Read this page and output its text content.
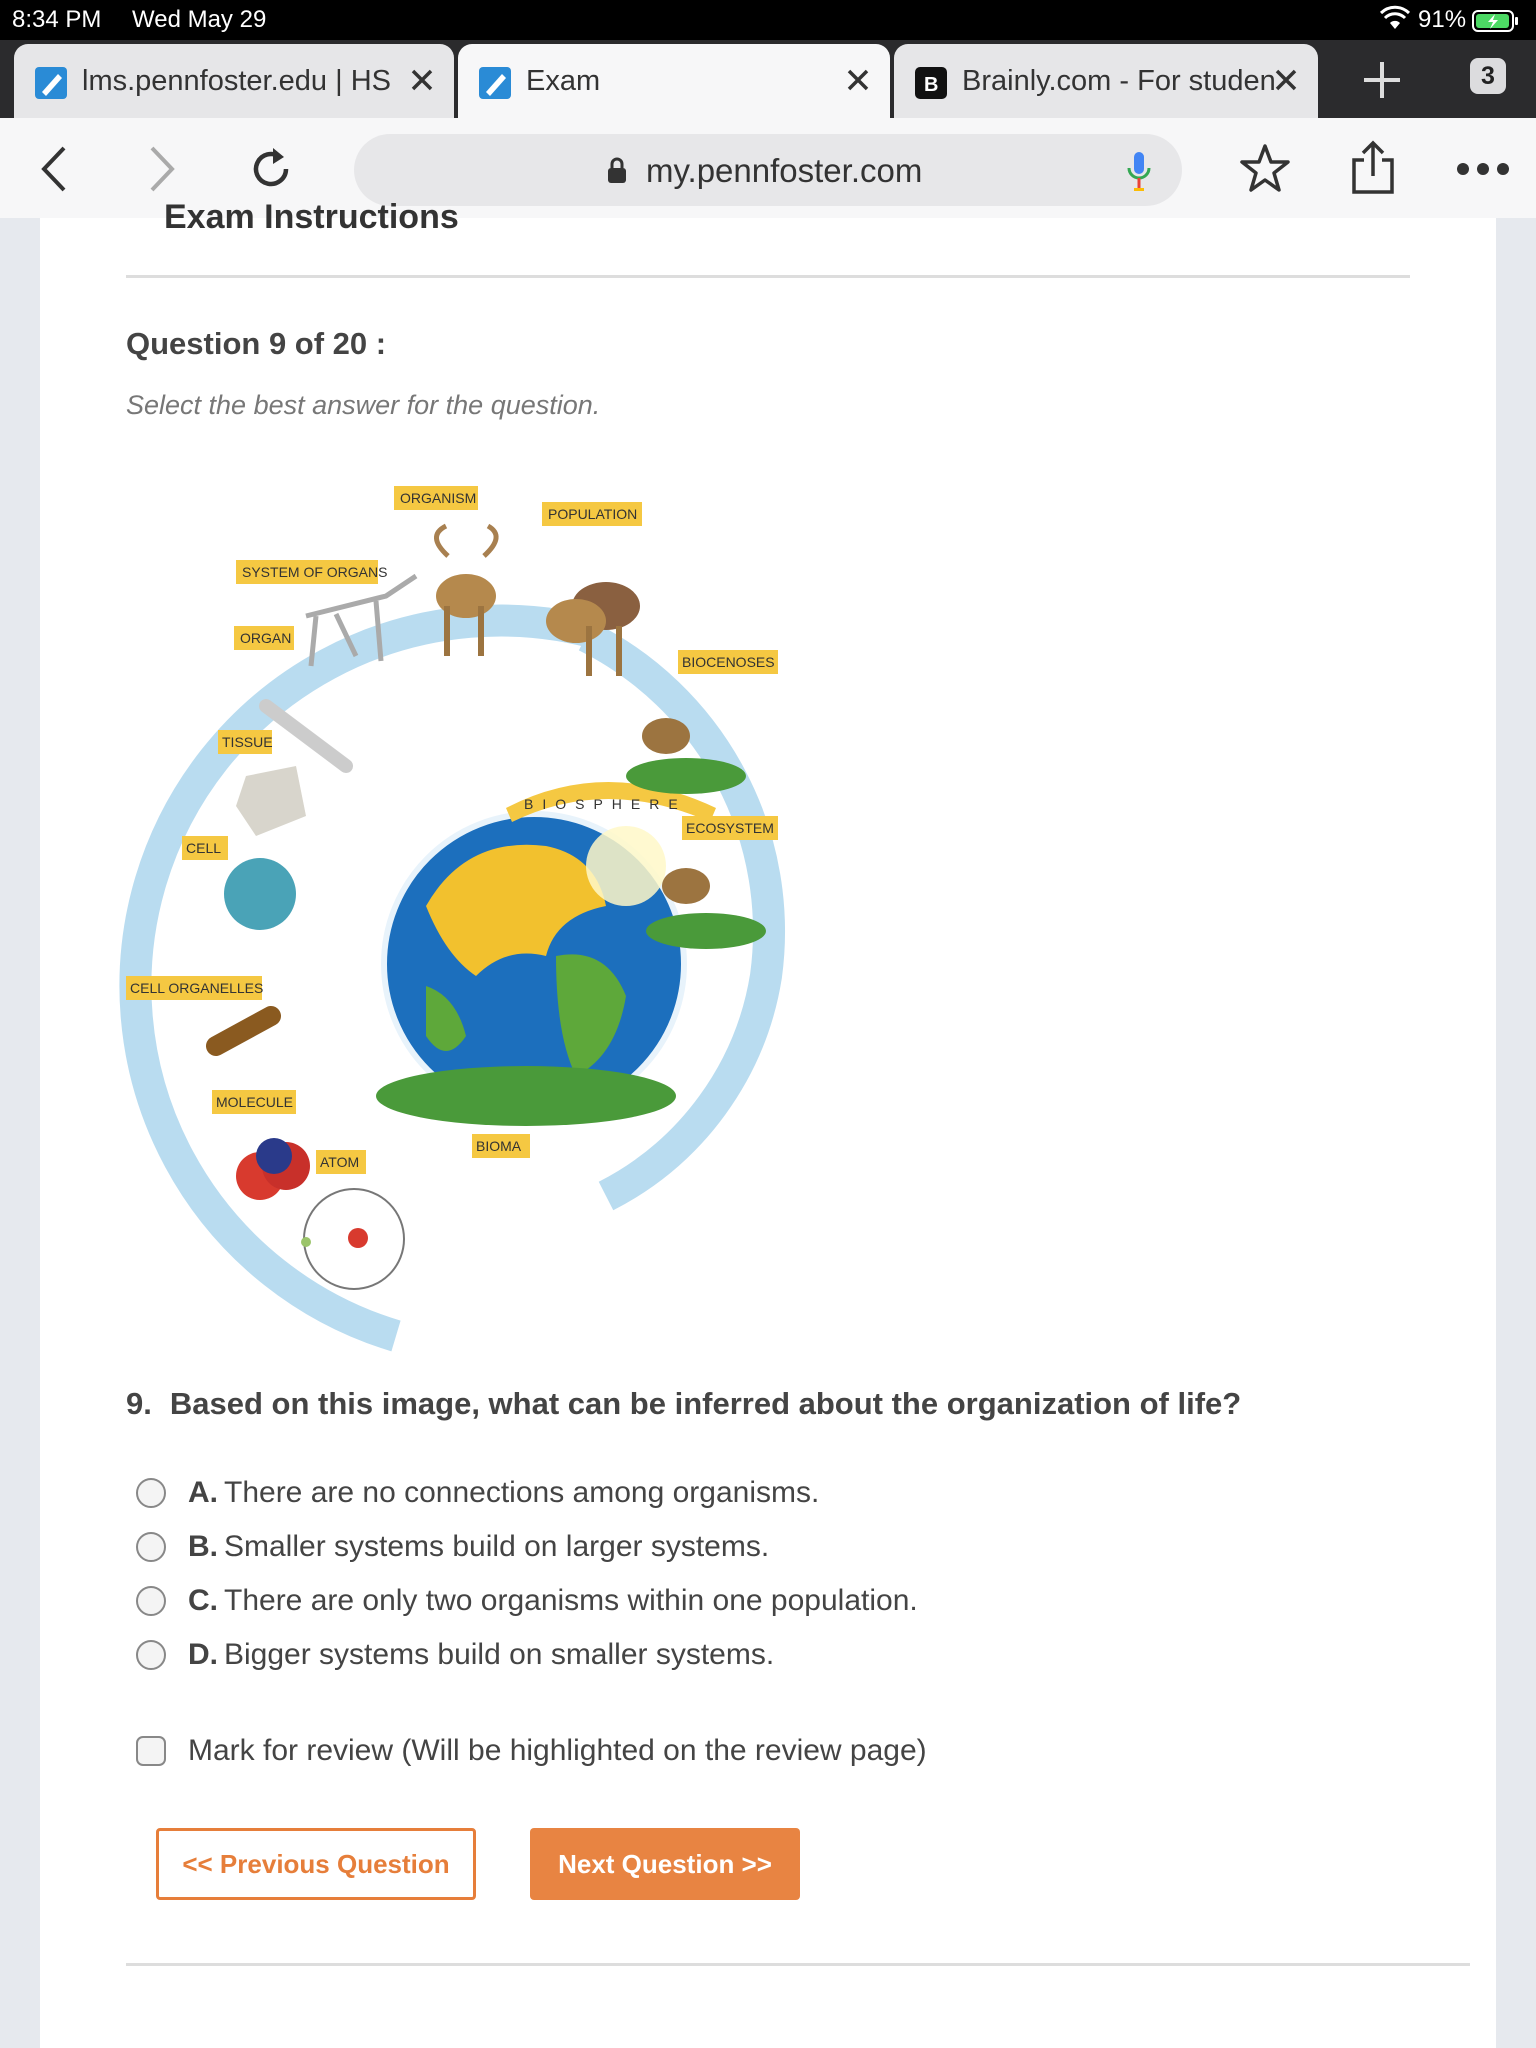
8:34 PM Wed May 29	91%
lms.pennfoster.edu | HS	Exam	B Brainly.com - For studen	3
my.pennfoster.com
Exam Instructions
Question 9 of 20 :
Select the best answer for the question.
BIOSPHERE
ORGANISM
POPULATION
SYSTEM OF ORGANS
ORGAN
BIOCENOSES
TISSUE
CELL
ECOSYSTEM
CELL ORGANELLES
MOLECULE
BIOMA
ATOM
9. Based on this image, what can be inferred about the organization of life?
A. There are no connections among organisms.
B. Smaller systems build on larger systems.
C. There are only two organisms within one population.
D. Bigger systems build on smaller systems.
Mark for review (Will be highlighted on the review page)
<< Previous Question	Next Question >>
